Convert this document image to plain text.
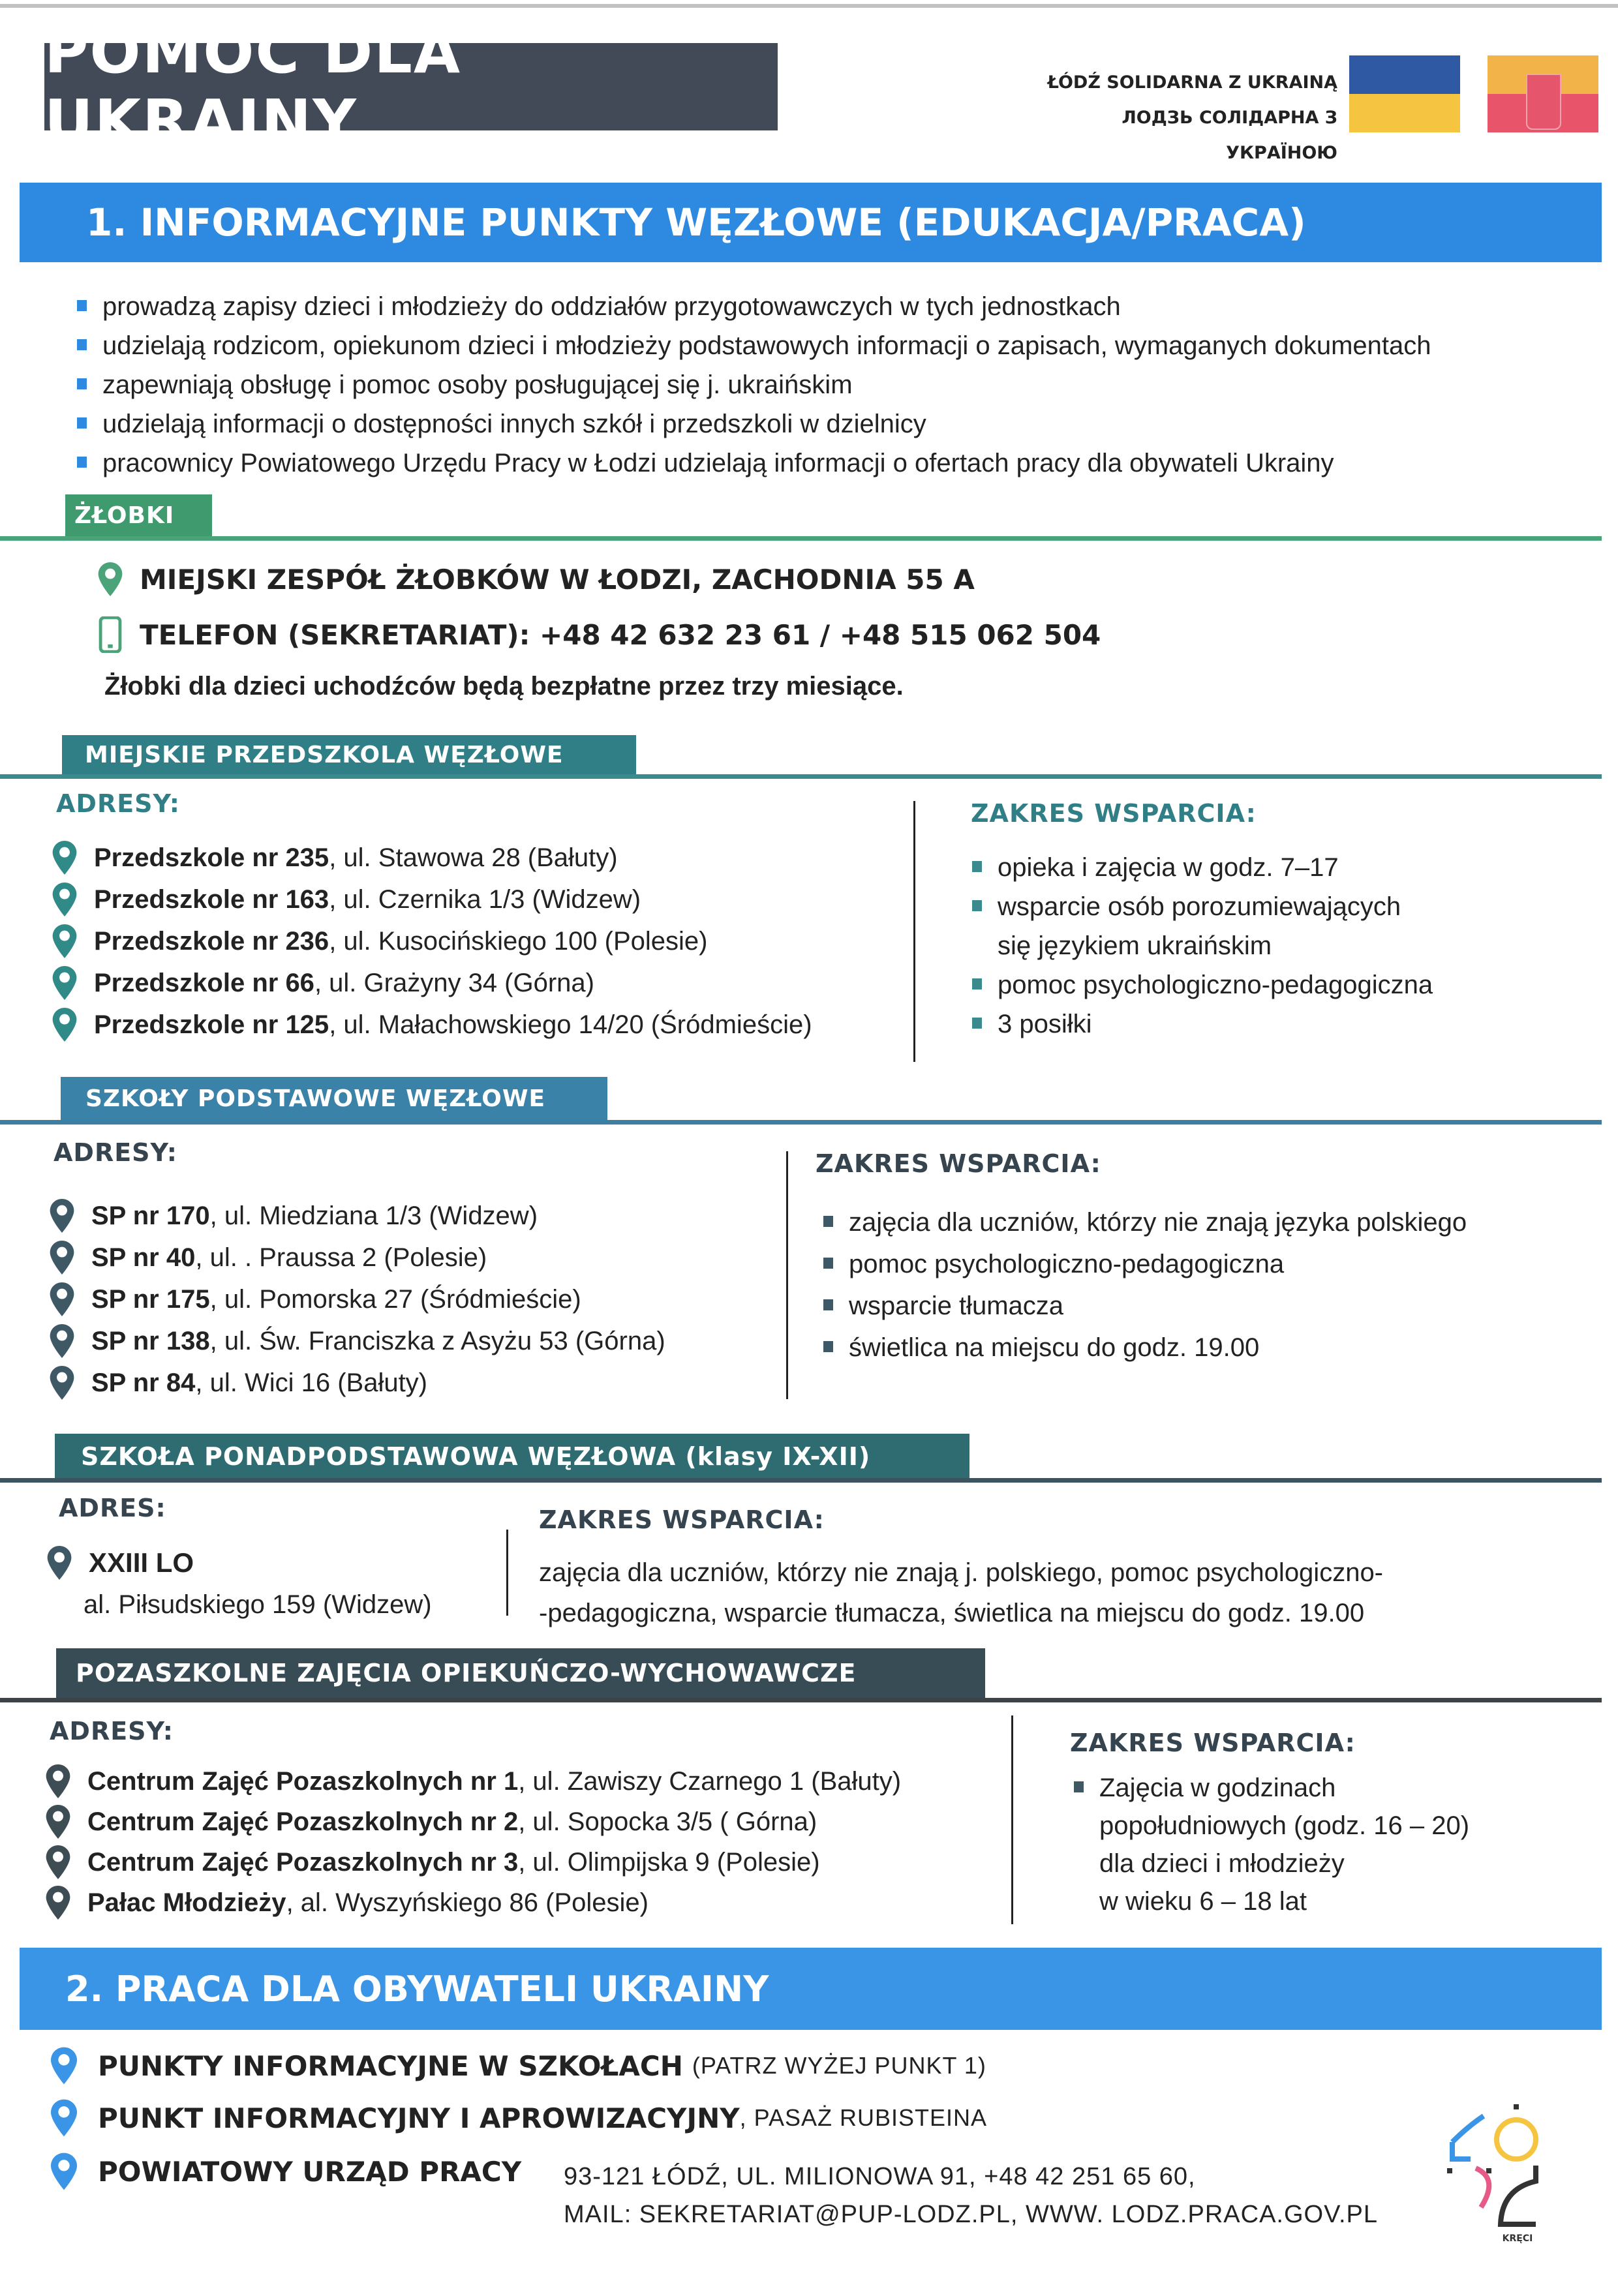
POMOC DLA UKRAINY
ŁÓDŹ SOLIDARNA Z UKRAINĄ
ЛОДЗЬ СОЛІДАРНА З УКРАЇНОЮ
1. INFORMACYJNE PUNKTY WĘZŁOWE (EDUKACJA/PRACA)
prowadzą zapisy dzieci i młodzieży do oddziałów przygotowawczych w tych jednostkach
udzielają rodzicom, opiekunom dzieci i młodzieży podstawowych informacji o zapisach, wymaganych dokumentach
zapewniają obsługę i pomoc osoby posługującej się j. ukraińskim
udzielają informacji o dostępności innych szkół i przedszkoli w dzielnicy
pracownicy Powiatowego Urzędu Pracy w Łodzi udzielają informacji o ofertach pracy dla obywateli Ukrainy
ŻŁOBKI
MIEJSKI ZESPÓŁ ŻŁOBKÓW W ŁODZI, ZACHODNIA 55 A
TELEFON (SEKRETARIAT): +48 42 632 23 61 / +48 515 062 504
Żłobki dla dzieci uchodźców będą bezpłatne przez trzy miesiące.
MIEJSKIE PRZEDSZKOLA WĘZŁOWE
ADRESY:
Przedszkole nr 235 , ul. Stawowa 28 (Bałuty)
Przedszkole nr 163 , ul. Czernika 1/3 (Widzew)
Przedszkole nr 236 , ul. Kusocińskiego 100 (Polesie)
Przedszkole nr 66 , ul. Grażyny 34 (Górna)
Przedszkole nr 125 , ul. Małachowskiego 14/20 (Śródmieście)
ZAKRES WSPARCIA:
opieka i zajęcia w godz. 7–17
wsparcie osób porozumiewających
się językiem ukraińskim
pomoc psychologiczno-pedagogiczna
3 posiłki
SZKOŁY PODSTAWOWE WĘZŁOWE
ADRESY:
SP nr 170 , ul. Miedziana 1/3 (Widzew)
SP nr 40 , ul. . Praussa 2 (Polesie)
SP nr 175 , ul. Pomorska 27 (Śródmieście)
SP nr 138 , ul. Św. Franciszka z Asyżu 53 (Górna)
SP nr 84 , ul. Wici 16 (Bałuty)
ZAKRES WSPARCIA:
zajęcia dla uczniów, którzy nie znają języka polskiego
pomoc psychologiczno-pedagogiczna
wsparcie tłumacza
świetlica na miejscu do godz. 19.00
SZKOŁA PONADPODSTAWOWA WĘZŁOWA (klasy IX-XII)
ADRES:
XXIII LO
al. Piłsudskiego 159 (Widzew)
ZAKRES WSPARCIA:
zajęcia dla uczniów, którzy nie znają j. polskiego, pomoc psychologiczno-
-pedagogiczna, wsparcie tłumacza, świetlica na miejscu do godz. 19.00
POZASZKOLNE ZAJĘCIA OPIEKUŃCZO-WYCHOWAWCZE
ADRESY:
Centrum Zajęć Pozaszkolnych nr 1 , ul. Zawiszy Czarnego 1 (Bałuty)
Centrum Zajęć Pozaszkolnych nr 2 , ul. Sopocka 3/5 ( Górna)
Centrum Zajęć Pozaszkolnych nr 3 , ul. Olimpijska 9 (Polesie)
Pałac Młodzieży , al. Wyszyńskiego 86 (Polesie)
ZAKRES WSPARCIA:
Zajęcia w godzinach
popołudniowych (godz. 16 – 20)
dla dzieci i młodzieży
w wieku 6 – 18 lat
2. PRACA DLA OBYWATELI UKRAINY
PUNKTY INFORMACYJNE W SZKOŁACH (PATRZ WYŻEJ PUNKT 1)
PUNKT INFORMACYJNY I APROWIZACYJNY , PASAŻ RUBISTEINA
POWIATOWY URZĄD PRACY 93-121 ŁÓDŹ, UL. MILIONOWA 91, +48 42 251 65 60,
MAIL: SEKRETARIAT@PUP-LODZ.PL, WWW. LODZ.PRACA.GOV.PL
KRĘCI
